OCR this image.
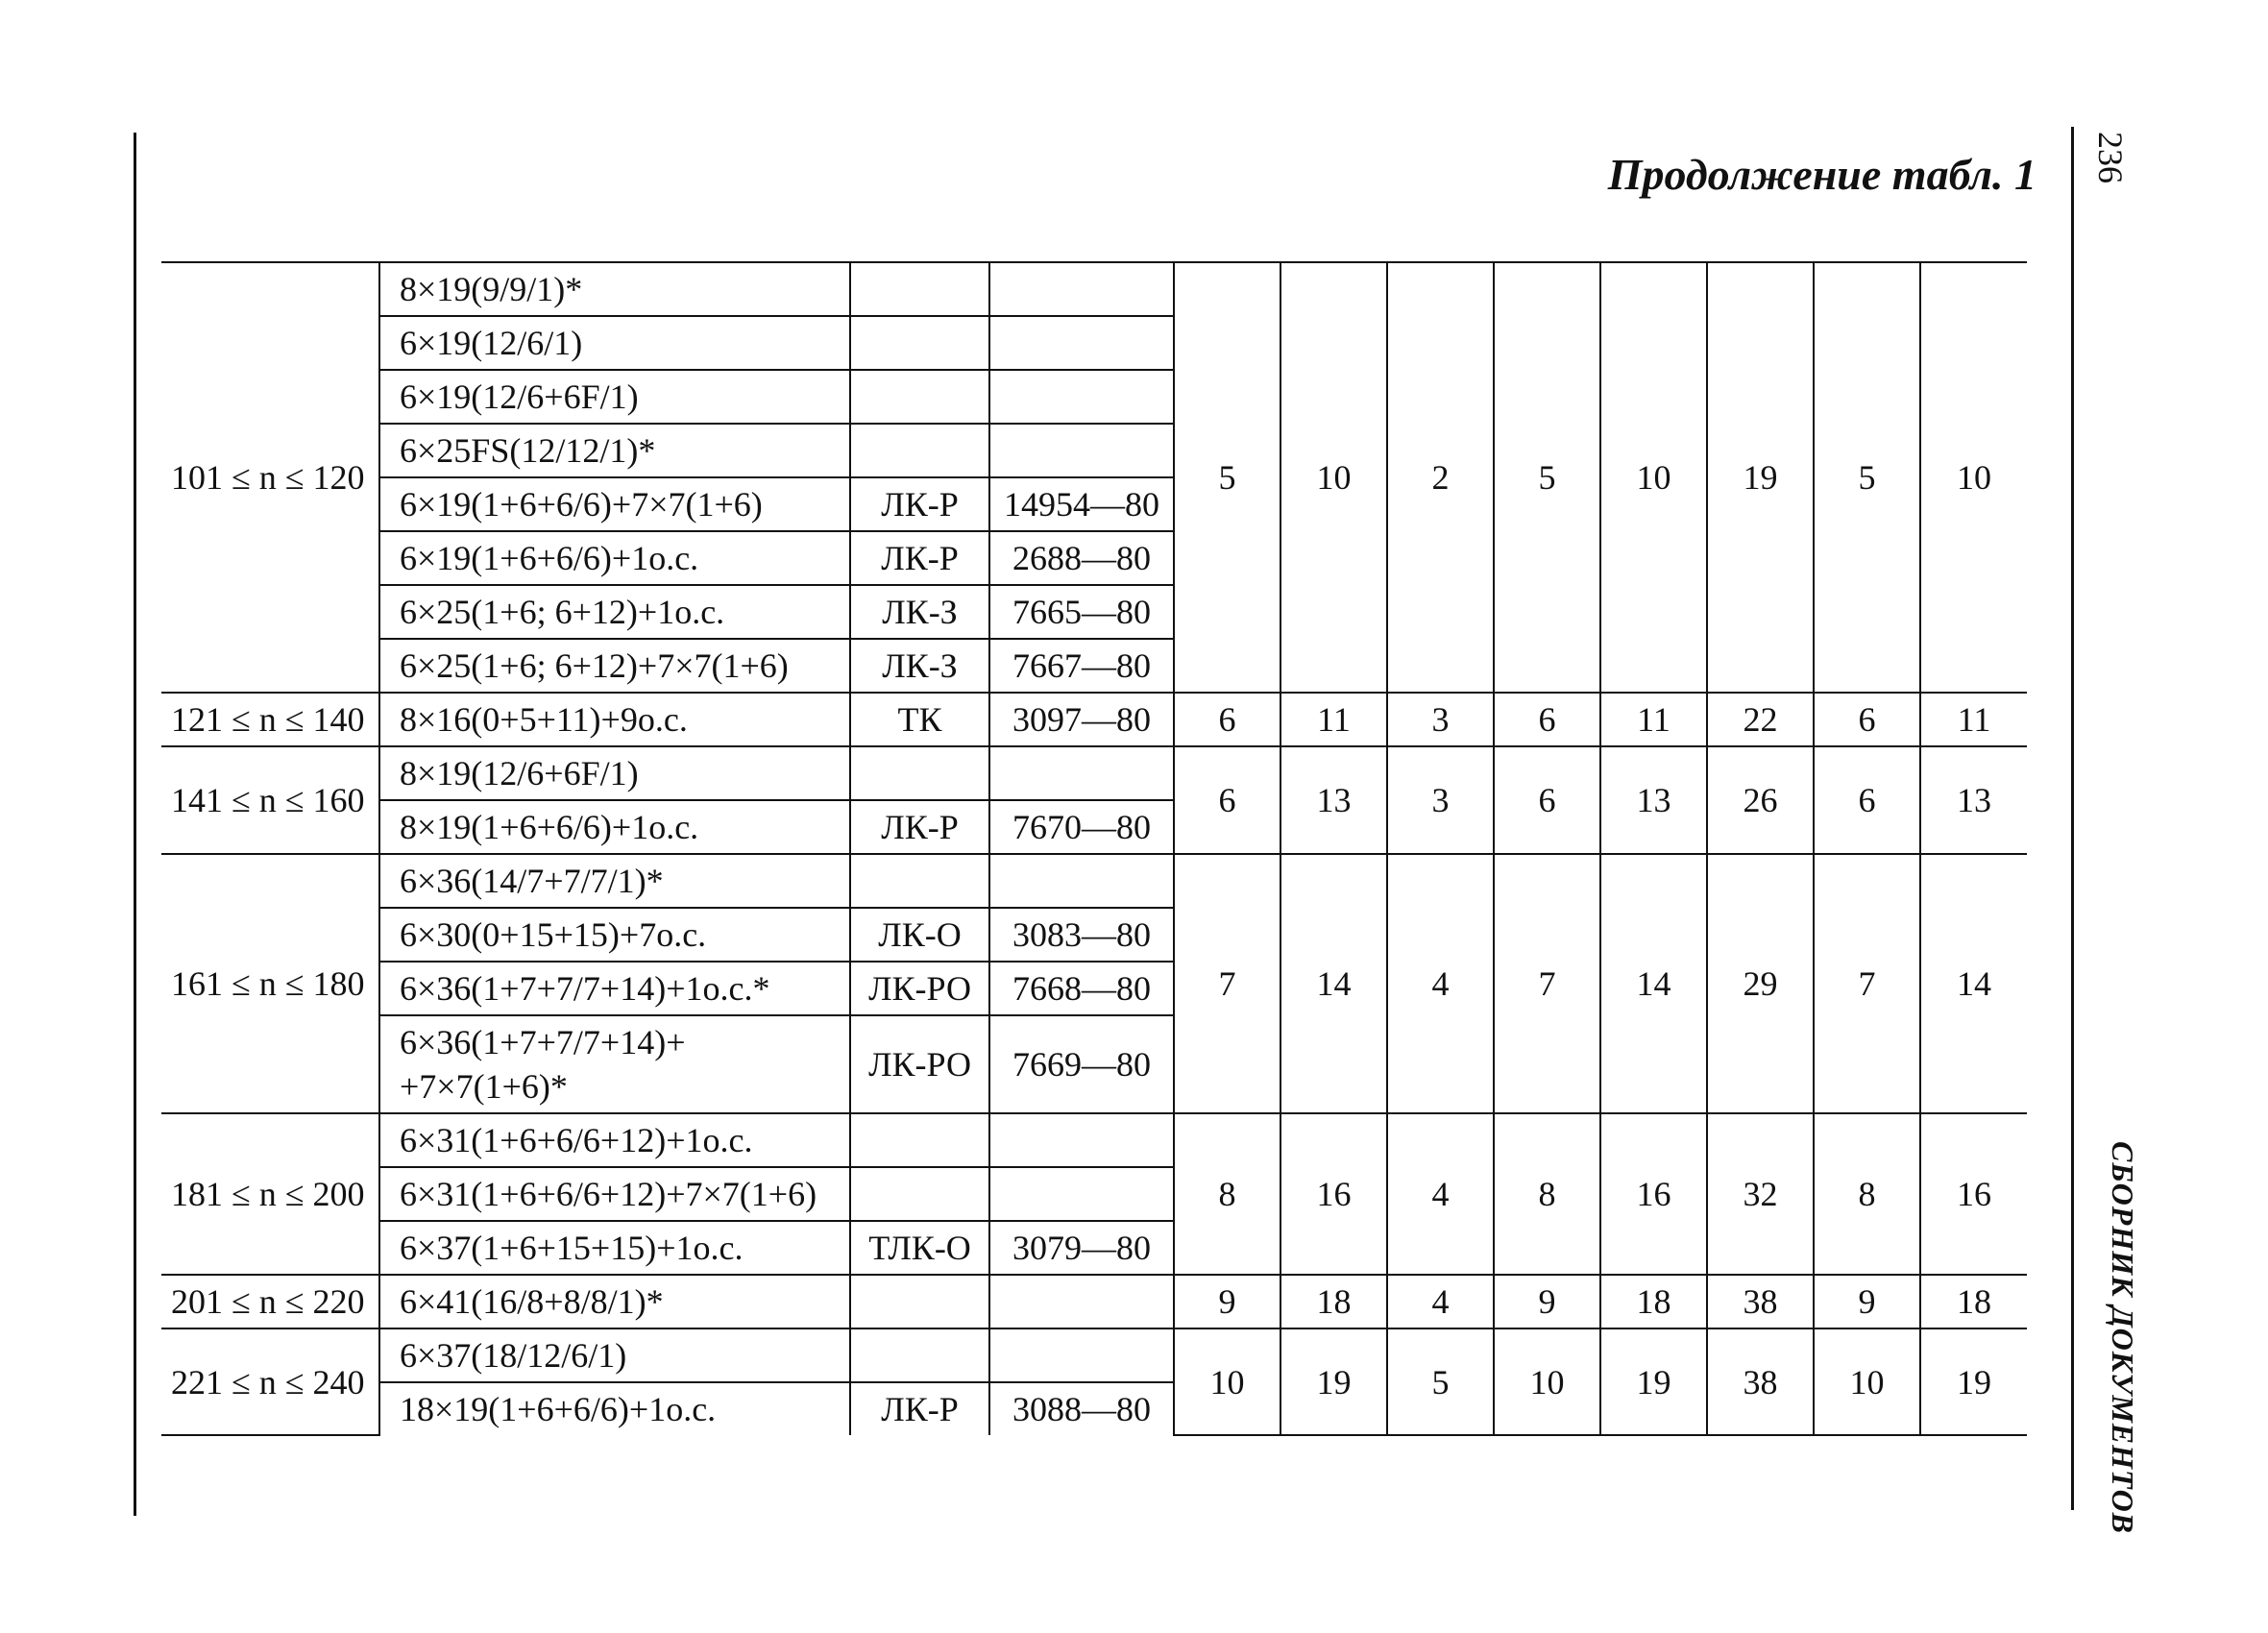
Продолжение табл. 1 236
СБОРНИК ДОКУМЕНТОВ
101 ≤ n ≤ 120	8×19(9/9/1)*			5	10	2	5	10	19	5	10
	6×19(12/6/1)										
	6×19(12/6+6F/1)										
	6×25FS(12/12/1)*										
	6×19(1+6+6/6)+7×7(1+6)	ЛК-Р	14954—80								
	6×19(1+6+6/6)+1о.с.	ЛК-Р	2688—80								
	6×25(1+6; 6+12)+1о.с.	ЛК-З	7665—80								
	6×25(1+6; 6+12)+7×7(1+6)	ЛК-З	7667—80								
121 ≤ n ≤ 140	8×16(0+5+11)+9о.с.	ТК	3097—80	6	11	3	6	11	22	6	11
141 ≤ n ≤ 160	8×19(12/6+6F/1)			6	13	3	6	13	26	6	13
	8×19(1+6+6/6)+1о.с.	ЛК-Р	7670—80								
161 ≤ n ≤ 180	6×36(14/7+7/7/1)*			7	14	4	7	14	29	7	14
	6×30(0+15+15)+7о.с.	ЛК-О	3083—80								
	6×36(1+7+7/7+14)+1о.с.*	ЛК-РО	7668—80								
	6×36(1+7+7/7+14)+ +7×7(1+6)*	ЛК-РО	7669—80								
181 ≤ n ≤ 200	6×31(1+6+6/6+12)+1о.с.			8	16	4	8	16	32	8	16
	6×31(1+6+6/6+12)+7×7(1+6)										
	6×37(1+6+15+15)+1о.с.	ТЛК-О	3079—80								
201 ≤ n ≤ 220	6×41(16/8+8/8/1)*			9	18	4	9	18	38	9	18
221 ≤ n ≤ 240	6×37(18/12/6/1)			10	19	5	10	19	38	10	19
	18×19(1+6+6/6)+1о.с.	ЛК-Р	3088—80								
